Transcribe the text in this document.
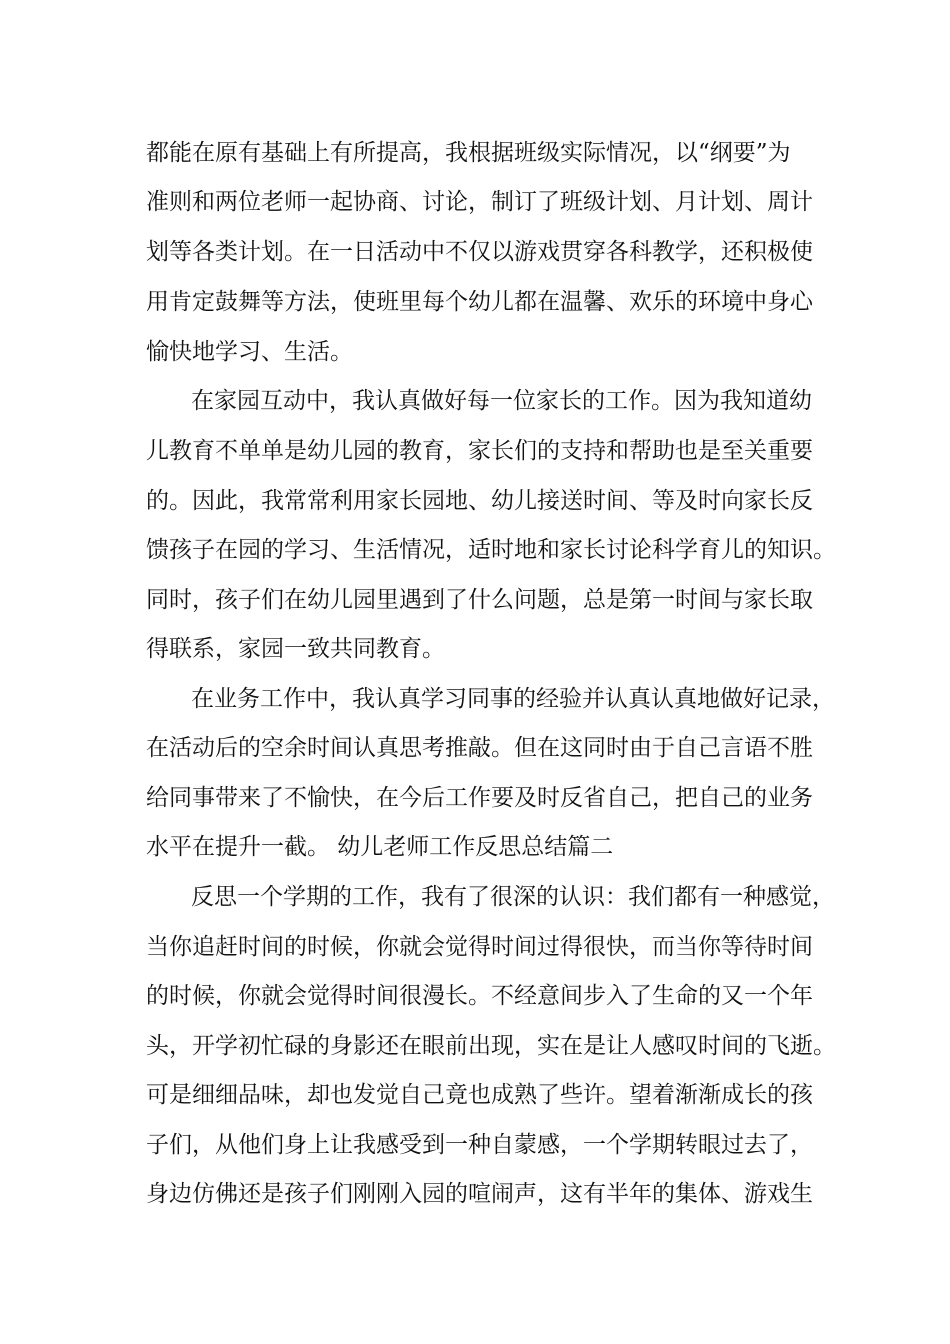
都能在原有基础上有所提高，我根据班级实际情况，以“纲要”为
准则和两位老师一起协商、讨论，制订了班级计划、月计划、周计
划等各类计划。在一日活动中不仅以游戏贯穿各科教学，还积极使
用肯定鼓舞等方法，使班里每个幼儿都在温馨、欢乐的环境中身心
愉快地学习、生活。
在家园互动中，我认真做好每一位家长的工作。因为我知道幼
儿教育不单单是幼儿园的教育，家长们的支持和帮助也是至关重要
的。因此，我常常利用家长园地、幼儿接送时间、等及时向家长反
馈孩子在园的学习、生活情况，适时地和家长讨论科学育儿的知识。
同时，孩子们在幼儿园里遇到了什么问题，总是第一时间与家长取
得联系，家园一致共同教育。
在业务工作中，我认真学习同事的经验并认真认真地做好记录，
在活动后的空余时间认真思考推敲。但在这同时由于自己言语不胜
给同事带来了不愉快，在今后工作要及时反省自己，把自己的业务
水平在提升一截。 幼儿老师工作反思总结篇二
反思一个学期的工作，我有了很深的认识：我们都有一种感觉，
当你追赶时间的时候，你就会觉得时间过得很快，而当你等待时间
的时候，你就会觉得时间很漫长。不经意间步入了生命的又一个年
头，开学初忙碌的身影还在眼前出现，实在是让人感叹时间的飞逝。
可是细细品味，却也发觉自己竟也成熟了些许。望着渐渐成长的孩
子们，从他们身上让我感受到一种自蒙感，一个学期转眼过去了，
身边仿佛还是孩子们刚刚入园的喧闹声，这有半年的集体、游戏生
